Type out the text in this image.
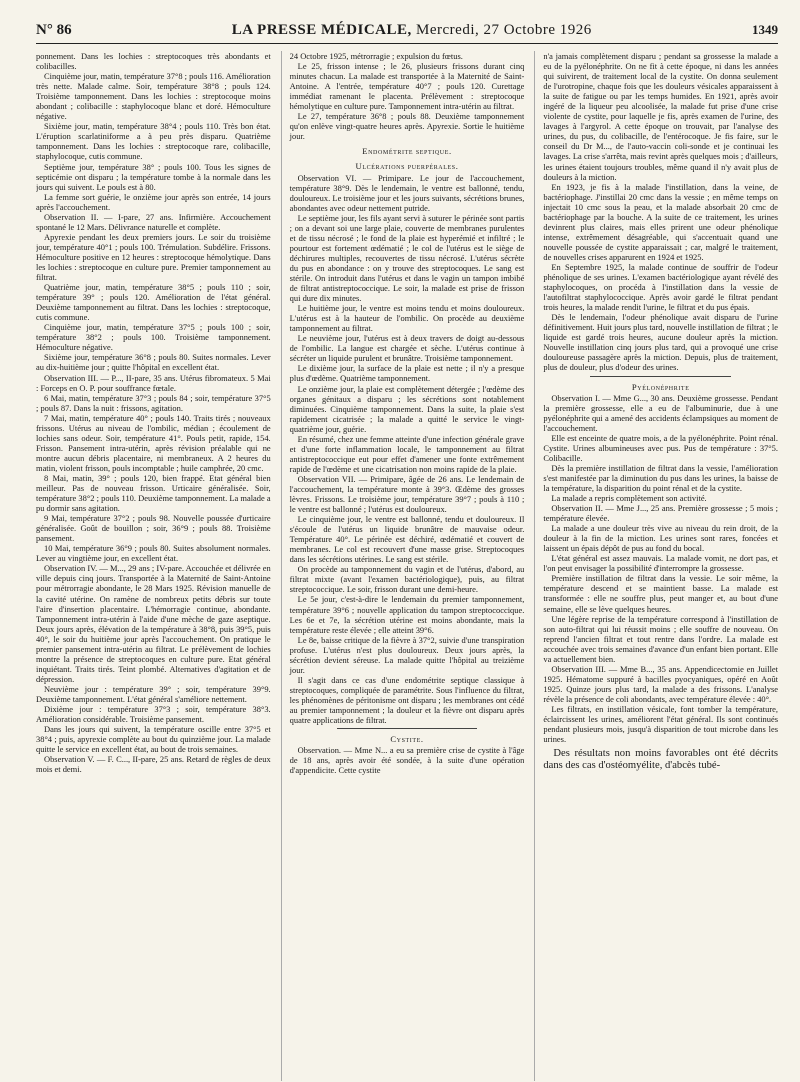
N° 86	LA PRESSE MÉDICALE, Mercredi, 27 Octobre 1926	1349

ponnement. Dans les lochies : streptocoques très abondants et colibacilles.

Cinquième jour, matin, température 37°8 ; pouls 116. Amélioration très nette. Malade calme. Soir, température 38°8 ; pouls 124. Troisième tamponnement. Dans les lochies : streptocoque moins abondant ; colibacille : staphylocoque blanc et doré. Hémoculture négative.

Sixième jour, matin, température 38°4 ; pouls 110. Très bon état. L'éruption scarlatiniforme a à peu près disparu. Quatrième tamponnement. Dans les lochies : streptocoque rare, colibacille, staphylocoque, cutis commune.

Septième jour, température 38° ; pouls 100. Tous les signes de septicémie ont disparu ; la température tombe à la normale dans les jours qui suivent. Le pouls est à 80.

La femme sort guérie, le onzième jour après son entrée, 14 jours après l'accouchement.

Observation II. — I-pare, 27 ans. Infirmière. Accouchement spontané le 12 Mars. Délivrance naturelle et complète.

Apyrexie pendant les deux premiers jours. Le soir du troisième jour, température 40°1 ; pouls 100. Trémulation. Subdélire. Frissons. Hémoculture positive en 12 heures : streptocoque hémolytique. Dans les lochies : streptocoque en culture pure. Premier tamponnement au filtrat.

Quatrième jour, matin, température 38°5 ; pouls 110 ; soir, température 39° ; pouls 120. Amélioration de l'état général. Deuxième tamponnement au filtrat. Dans les lochies : streptocoque, cutis commune.

Cinquième jour, matin, température 37°5 ; pouls 100 ; soir, température 38°2 ; pouls 100. Troisième tamponnement. Hémoculture négative.

Sixième jour, température 36°8 ; pouls 80. Suites normales. Lever au dix-huitième jour ; quitte l'hôpital en excellent état.

Observation III. — P..., II-pare, 35 ans. Utérus fibromateux. 5 Mai : Forceps en O. P. pour souffrance fœtale.

6 Mai, matin, température 37°3 ; pouls 84 ; soir, température 37°5 ; pouls 87. Dans la nuit : frissons, agitation.

7 Mai, matin, température 40° ; pouls 140. Traits tirés ; nouveaux frissons. Utérus au niveau de l'ombilic, médian ; écoulement de lochies sans odeur. Soir, température 41°. Pouls petit, rapide, 154. Frisson. Pansement intra-utérin, après révision préalable qui ne montre aucun débris placentaire, ni membraneux. A 2 heures du matin, violent frisson, pouls incomptable ; huile camphrée, 20 cmc.

8 Mai, matin, 39° ; pouls 120, bien frappé. Etat général bien meilleur. Pas de nouveau frisson. Urticaire généralisée. Soir, température 38°2 ; pouls 110. Deuxième tamponnement. La malade a pu dormir sans agitation.

9 Mai, température 37°2 ; pouls 98. Nouvelle poussée d'urticaire généralisée. Goût de bouillon ; soir, 36°9 ; pouls 88. Troisième pansement.

10 Mai, température 36°9 ; pouls 80. Suites absolument normales. Lever au vingtième jour, en excellent état.

Observation IV. — M..., 29 ans ; IV-pare. Accouchée et délivrée en ville depuis cinq jours. Transportée à la Maternité de Saint-Antoine pour métrorragie abondante, le 28 Mars 1925. Révision manuelle de la cavité utérine. On ramène de nombreux petits débris sur toute l'aire d'insertion placentaire. L'hémorragie continue, abondante. Tamponnement intra-utérin à l'aide d'une mèche de gaze aseptique. Deux jours après, élévation de la température à 38°8, puis 39°5, puis 40°, le soir du huitième jour après l'accouchement. On pratique le premier pansement intra-utérin au filtrat. Le prélèvement de lochies montre la présence de streptocoques en culture pure. Etat général inquiétant. Traits tirés. Teint plombé. Alternatives d'agitation et de dépression.

Neuvième jour : température 39° ; soir, température 39°9. Deuxième tamponnement. L'état général s'améliore nettement.

Dixième jour : température 37°3 ; soir, température 38°3. Amélioration considérable. Troisième pansement.

Dans les jours qui suivent, la température oscille entre 37°5 et 38°4 ; puis, apyrexie complète au bout du quinzième jour. La malade quitte le service en excellent état, au bout de trois semaines.

Observation V. — F. C..., II-pare, 25 ans. Retard de règles de deux mois et demi.

24 Octobre 1925, métrorragie ; expulsion du fœtus.

Le 25, frisson intense ; le 26, plusieurs frissons durant cinq minutes chacun. La malade est transportée à la Maternité de Saint-Antoine. A l'entrée, température 40°7 ; pouls 120. Curettage immédiat ramenant le placenta. Prélèvement : streptocoque hémolytique en culture pure. Tamponnement intra-utérin au filtrat.

Le 27, température 36°8 ; pouls 88. Deuxième tamponnement qu'on enlève vingt-quatre heures après. Apyrexie. Sortie le huitième jour.

Endométrite septique.
Ulcérations puerpérales.

Observation VI. — Primipare. Le jour de l'accouchement, température 38°9. Dès le lendemain, le ventre est ballonné, tendu, douloureux. Le troisième jour et les jours suivants, sécrétions brunes, abondantes avec odeur nettement putride.

Le septième jour, les fils ayant servi à suturer le périnée sont partis ; on a devant soi une large plaie, couverte de membranes purulentes et de tissu nécrosé ; le fond de la plaie est hyperémié et infiltré ; le pourtour est fortement œdématié ; le col de l'utérus est le siège de déchirures multiples, recouvertes de tissu nécrosé. L'utérus sécrète du pus en abondance : on y trouve des streptocoques. Le sang est stérile. On introduit dans l'utérus et dans le vagin un tampon imbibé de filtrat antistreptococcique. Le soir, la malade est prise de frisson qui dure dix minutes.

Le huitième jour, le ventre est moins tendu et moins douloureux. L'utérus est à la hauteur de l'ombilic. On procède au deuxième tamponnement au filtrat.

Le neuvième jour, l'utérus est à deux travers de doigt au-dessous de l'ombilic. La langue est chargée et sèche. L'utérus continue à sécréter un liquide purulent et brunâtre. Troisième tamponnement.

Le dixième jour, la surface de la plaie est nette ; il n'y a presque plus d'œdème. Quatrième tamponnement.

Le onzième jour, la plaie est complètement détergée ; l'œdème des organes génitaux a disparu ; les sécrétions sont notablement diminuées. Cinquième tamponnement. Dans la suite, la plaie s'est rapidement cicatrisée ; la malade a quitté le service le vingt-quatrième jour, guérie.

En résumé, chez une femme atteinte d'une infection générale grave et d'une forte inflammation locale, le tamponnement au filtrat antistreptococcique eut pour effet d'amener une fonte extrêmement rapide de l'œdème et une cicatrisation non moins rapide de la plaie.

Observation VII. — Primipare, âgée de 26 ans. Le lendemain de l'accouchement, la température monte à 39°3. Œdème des grosses lèvres. Frissons. Le troisième jour, température 39°7 ; pouls à 110 ; le ventre est ballonné ; l'utérus est douloureux.

Le cinquième jour, le ventre est ballonné, tendu et douloureux. Il s'écoule de l'utérus un liquide brunâtre de mauvaise odeur. Température 40°. Le périnée est déchiré, œdématié et couvert de membranes. Le col est recouvert d'une masse grise. Streptocoques dans les sécrétions utérines. Le sang est stérile.

On procède au tamponnement du vagin et de l'utérus, d'abord, au filtrat mixte (avant l'examen bactériologique), puis, au filtrat streptococcique. Le soir, frisson durant une demi-heure.

Le 5e jour, c'est-à-dire le lendemain du premier tamponnement, température 39°6 ; nouvelle application du tampon streptococcique. Les 6e et 7e, la sécrétion utérine est moins abondante, mais la température reste élevée ; elle atteint 39°6.

Le 8e, baisse critique de la fièvre à 37°2, suivie d'une transpiration profuse. L'utérus n'est plus douloureux. Deux jours après, la sécrétion devient séreuse. La malade quitte l'hôpital au treizième jour.

Il s'agit dans ce cas d'une endométrite septique classique à streptocoques, compliquée de paramétrite. Sous l'influence du filtrat, les phénomènes de péritonisme ont disparu ; les membranes ont cédé au premier tamponnement ; la douleur et la fièvre ont disparu après quatre applications de filtrat.

Cystite.

Observation. — Mme N... a eu sa première crise de cystite à l'âge de 18 ans, après avoir été sondée, à la suite d'une opération d'appendicite. Cette cystite

n'a jamais complètement disparu ; pendant sa grossesse la malade a eu de la pyélonéphrite. On ne fit à cette époque, ni dans les années qui suivirent, de traitement local de la cystite. On donna seulement de l'urotropine, chaque fois que les douleurs vésicales apparaissent à la suite de fatigue ou par les temps humides. En 1921, après avoir ingéré de la liqueur peu alcoolisée, la malade fut prise d'une crise violente de cystite, pour laquelle je fis, après examen de l'urine, des lavages à l'argyrol. A cette époque on trouvait, par l'analyse des urines, du pus, du colibacille, de l'entérocoque. Je fis faire, sur le conseil du Dr M..., de l'auto-vaccin coli-sonde et je continuai les lavages. La crise s'arrêta, mais revint après quelques mois ; d'ailleurs, les urines étaient toujours troubles, même quand il n'y avait plus de douleurs à la miction.

En 1923, je fis à la malade l'instillation, dans la veine, de bactériophage. J'instillai 20 cmc dans la vessie ; en même temps on injectait 10 cmc sous la peau, et la malade absorbait 20 cmc de bactériophage par la bouche. A la suite de ce traitement, les urines devinrent plus claires, mais elles prirent une odeur phénolique intense, extrêmement désagréable, qui s'accentuait quand une nouvelle poussée de cystite apparaissait ; car, malgré le traitement, de nouvelles crises apparurent en 1924 et 1925.

En Septembre 1925, la malade continue de souffrir de l'odeur phénolique de ses urines. L'examen bactériologique ayant révélé des staphylocoques, on procéda à l'instillation dans la vessie de l'autofiltrat staphylococcique. Après avoir gardé le filtrat pendant trois heures, la malade rendit l'urine, le filtrat et du pus épais.

Dès le lendemain, l'odeur phénolique avait disparu de l'urine définitivement. Huit jours plus tard, nouvelle instillation de filtrat ; le liquide est gardé trois heures, aucune douleur après la miction. Nouvelle instillation cinq jours plus tard, qui a provoqué une crise douloureuse passagère après la miction. Depuis, plus de traitement, plus de douleur, plus d'odeur des urines.

Pyélonéphrite

Observation I. — Mme G..., 30 ans. Deuxième grossesse. Pendant la première grossesse, elle a eu de l'albuminurie, due à une pyélonéphrite qui a amené des accidents éclampsiques au moment de l'accouchement.

Elle est enceinte de quatre mois, a de la pyélonéphrite. Point rénal. Cystite. Urines albumineuses avec pus. Pus de température : 37°5. Colibacille.

Dès la première instillation de filtrat dans la vessie, l'amélioration s'est manifestée par la diminution du pus dans les urines, la baisse de la température, la disparition du point rénal et de la cystite.

La malade a repris complètement son activité.

Observation II. — Mme J..., 25 ans. Première grossesse ; 5 mois ; température élevée.

La malade a une douleur très vive au niveau du rein droit, de la douleur à la fin de la miction. Les urines sont rares, foncées et laissent un épais dépôt de pus au fond du bocal.

L'état général est assez mauvais. La malade vomit, ne dort pas, et l'on peut envisager la possibilité d'interrompre la grossesse.

Première instillation de filtrat dans la vessie. Le soir même, la température descend et se maintient basse. La malade est transformée : elle ne souffre plus, peut manger et, au bout d'une semaine, elle se lève quelques heures.

Une légère reprise de la température correspond à l'instillation de son auto-filtrat qui lui réussit moins ; elle souffre de nouveau. On reprend l'ancien filtrat et tout rentre dans l'ordre. La malade est accouchée avec trois semaines d'avance d'un enfant bien portant. Elle va actuellement bien.

Observation III. — Mme B..., 35 ans. Appendicectomie en Juillet 1925. Hématome suppuré à bacilles pyocyaniques, opéré en Août 1925. Quinze jours plus tard, la malade a des frissons. L'analyse révèle la présence de coli abondants, avec température élevée : 40°.

Les filtrats, en instillation vésicale, font tomber la température, éclaircissent les urines, améliorent l'état général. Ils sont continués pendant plusieurs mois, jusqu'à disparition de tout microbe dans les urines.

Des résultats non moins favorables ont été décrits dans des cas d'ostéomyélite, d'abcès tubé-
